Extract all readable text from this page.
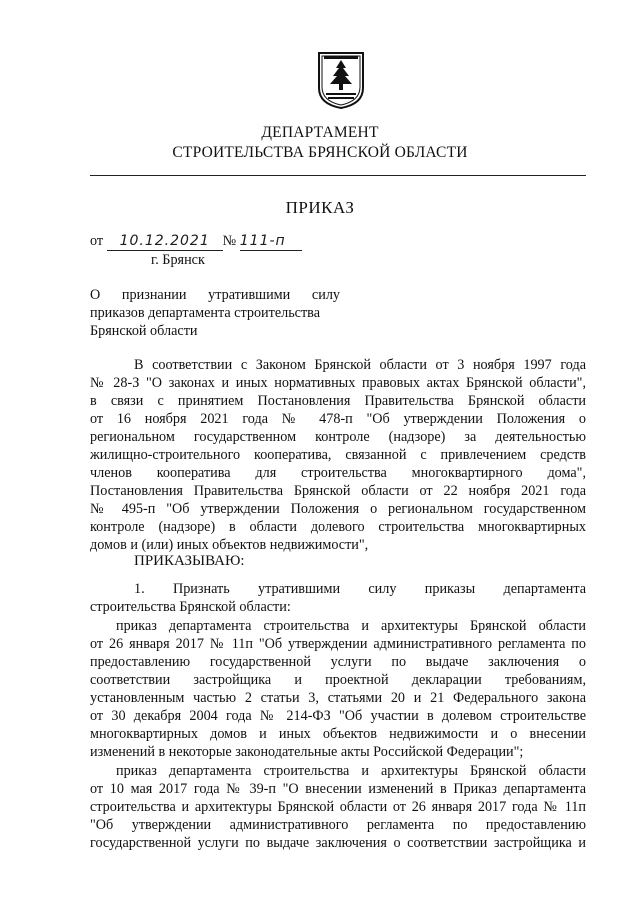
ДЕПАРТАМЕНТ
СТРОИТЕЛЬСТВА БРЯНСКОЙ ОБЛАСТИ
ПРИКАЗ
от 10.12.2021 № 111-п
г. Брянск
О признании утратившими силу
приказов департамента строительства
Брянской области
В соответствии с Законом Брянской области от 3 ноября 1997 года
№ 28-З "О законах и иных нормативных правовых актах Брянской области",
в связи с принятием Постановления Правительства Брянской области
от 16 ноября 2021 года № 478-п "Об утверждении Положения о
региональном государственном контроле (надзоре) за деятельностью
жилищно-строительного кооператива, связанной с привлечением средств
членов кооператива для строительства многоквартирного дома",
Постановления Правительства Брянской области от 22 ноября 2021 года
№ 495-п "Об утверждении Положения о региональном государственном
контроле (надзоре) в области долевого строительства многоквартирных
домов и (или) иных объектов недвижимости",
ПРИКАЗЫВАЮ:
1. Признать утратившими силу приказы департамента
строительства Брянской области:
приказ департамента строительства и архитектуры Брянской области
от 26 января 2017 № 11п "Об утверждении административного регламента по
предоставлению государственной услуги по выдаче заключения о
соответствии застройщика и проектной декларации требованиям,
установленным частью 2 статьи 3, статьями 20 и 21 Федерального закона
от 30 декабря 2004 года № 214-ФЗ "Об участии в долевом строительстве
многоквартирных домов и иных объектов недвижимости и о внесении
изменений в некоторые законодательные акты Российской Федерации";
приказ департамента строительства и архитектуры Брянской области
от 10 мая 2017 года № 39-п "О внесении изменений в Приказ департамента
строительства и архитектуры Брянской области от 26 января 2017 года № 11п
"Об утверждении административного регламента по предоставлению
государственной услуги по выдаче заключения о соответствии застройщика и
